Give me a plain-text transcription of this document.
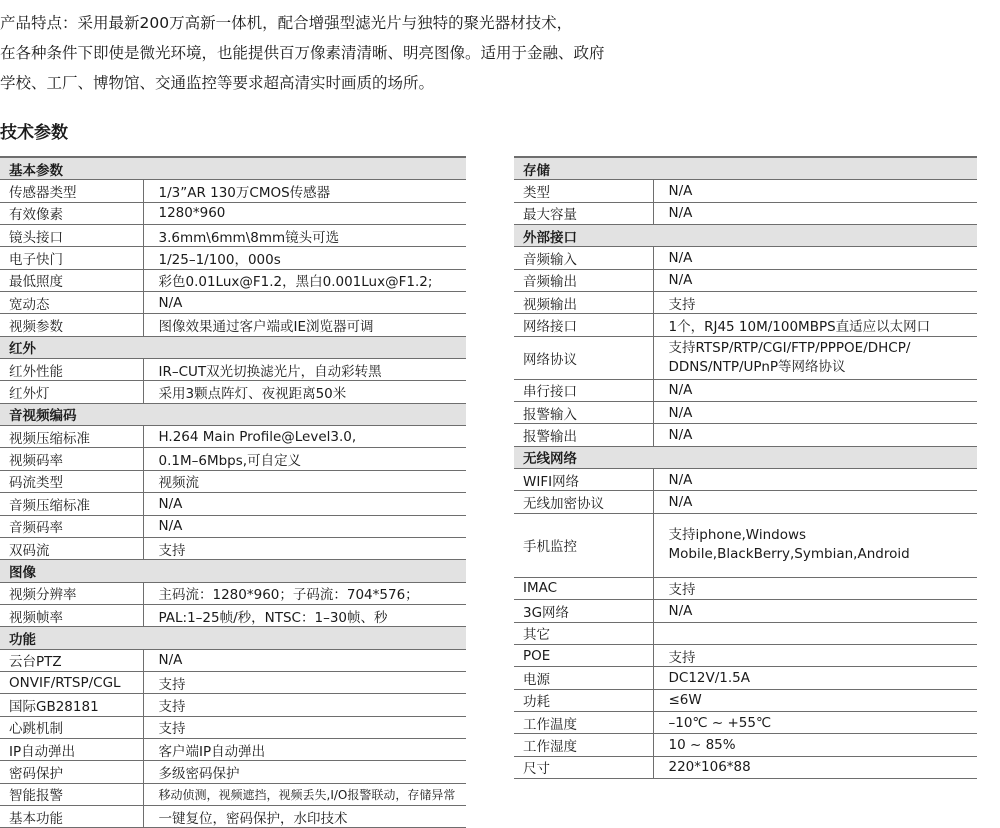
产品特点：采用最新200万高新一体机，配合增强型滤光片与独特的聚光器材技术，

在各种条件下即使是微光环境，也能提供百万像素清清晰、明亮图像。适用于金融、政府

学校、工厂、博物馆、交通监控等要求超高清实时画质的场所。

技术参数
基本参数	
传感器类型	1/3”AR 130万CMOS传感器
有效像素	1280*960
镜头接口	3.6mm\6mm\8mm镜头可选
电子快门	1/25–1/100，000s
最低照度	彩色0.01Lux@F1.2，黑白0.001Lux@F1.2;
宽动态	N/A
视频参数	图像效果通过客户端或IE浏览器可调
红外	
红外性能	IR–CUT双光切换滤光片，自动彩转黑
红外灯	采用3颗点阵灯、夜视距离50米
音视频编码	
视频压缩标准	H.264 Main Profile@Level3.0,
视频码率	0.1M–6Mbps,可自定义
码流类型	视频流
音频压缩标准	N/A
音频码率	N/A
双码流	支持
图像	
视频分辨率	主码流：1280*960；子码流：704*576；
视频帧率	PAL:1–25帧/秒，NTSC：1–30帧、秒
功能	
云台PTZ	N/A
ONVIF/RTSP/CGL	支持
国际GB28181	支持
心跳机制	支持
IP自动弹出	客户端IP自动弹出
密码保护	多级密码保护
智能报警	移动侦测，视频遮挡，视频丢失,I/O报警联动，存储异常
基本功能	一键复位，密码保护，水印技术
存储	
类型	N/A
最大容量	N/A
外部接口	
音频输入	N/A
音频输出	N/A
视频输出	支持
网络接口	1个，RJ45 10M/100MBPS直适应以太网口
网络协议	支持RTSP/RTP/CGI/FTP/PPPOE/DHCP/ DDNS/NTP/UPnP等网络协议
串行接口	N/A
报警输入	N/A
报警输出	N/A
无线网络	
WIFI网络	N/A
无线加密协议	N/A
手机监控	支持iphone,Windows Mobile,BlackBerry,Symbian,Android
IMAC	支持
3G网络	N/A
其它	
POE	支持
电源	DC12V/1.5A
功耗	≤6W
工作温度	–10℃ ~ +55℃
工作湿度	10 ~ 85%
尺寸	220*106*88
